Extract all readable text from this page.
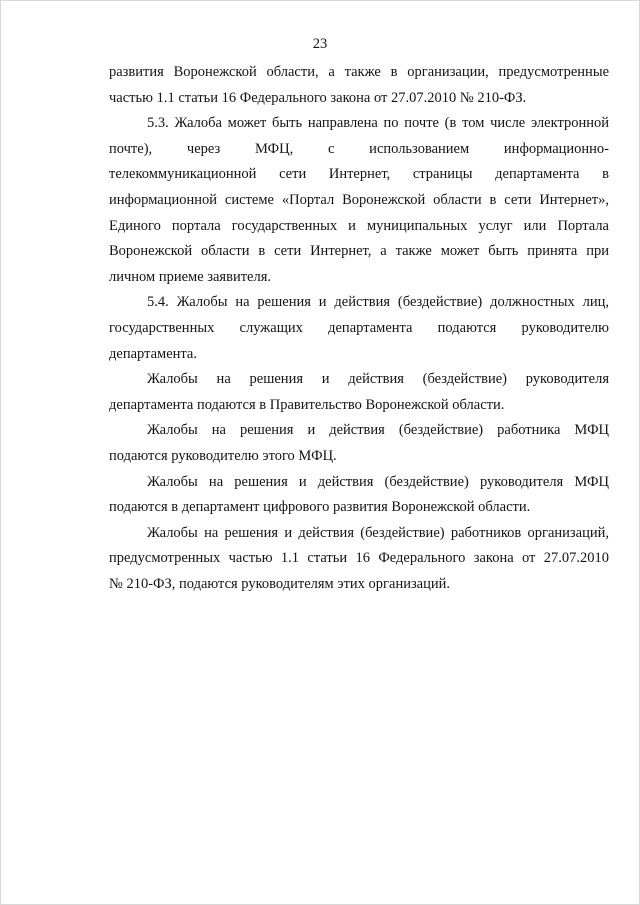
23
развития Воронежской области, а также в организации, предусмотренные
частью 1.1 статьи 16 Федерального закона от 27.07.2010 № 210-ФЗ.
5.3. Жалоба может быть направлена по почте (в том числе электронной
почте), через МФЦ, с использованием информационно-
телекоммуникационной сети Интернет, страницы департамента в
информационной системе «Портал Воронежской области в сети Интернет»,
Единого портала государственных и муниципальных услуг или Портала
Воронежской области в сети Интернет, а также может быть принята при
личном приеме заявителя.
5.4. Жалобы на решения и действия (бездействие) должностных лиц,
государственных служащих департамента подаются руководителю
департамента.
Жалобы на решения и действия (бездействие) руководителя
департамента подаются в Правительство Воронежской области.
Жалобы на решения и действия (бездействие) работника МФЦ
подаются руководителю этого МФЦ.
Жалобы на решения и действия (бездействие) руководителя МФЦ
подаются в департамент цифрового развития Воронежской области.
Жалобы на решения и действия (бездействие) работников организаций,
предусмотренных частью 1.1 статьи 16 Федерального закона от 27.07.2010
№ 210-ФЗ, подаются руководителям этих организаций.
